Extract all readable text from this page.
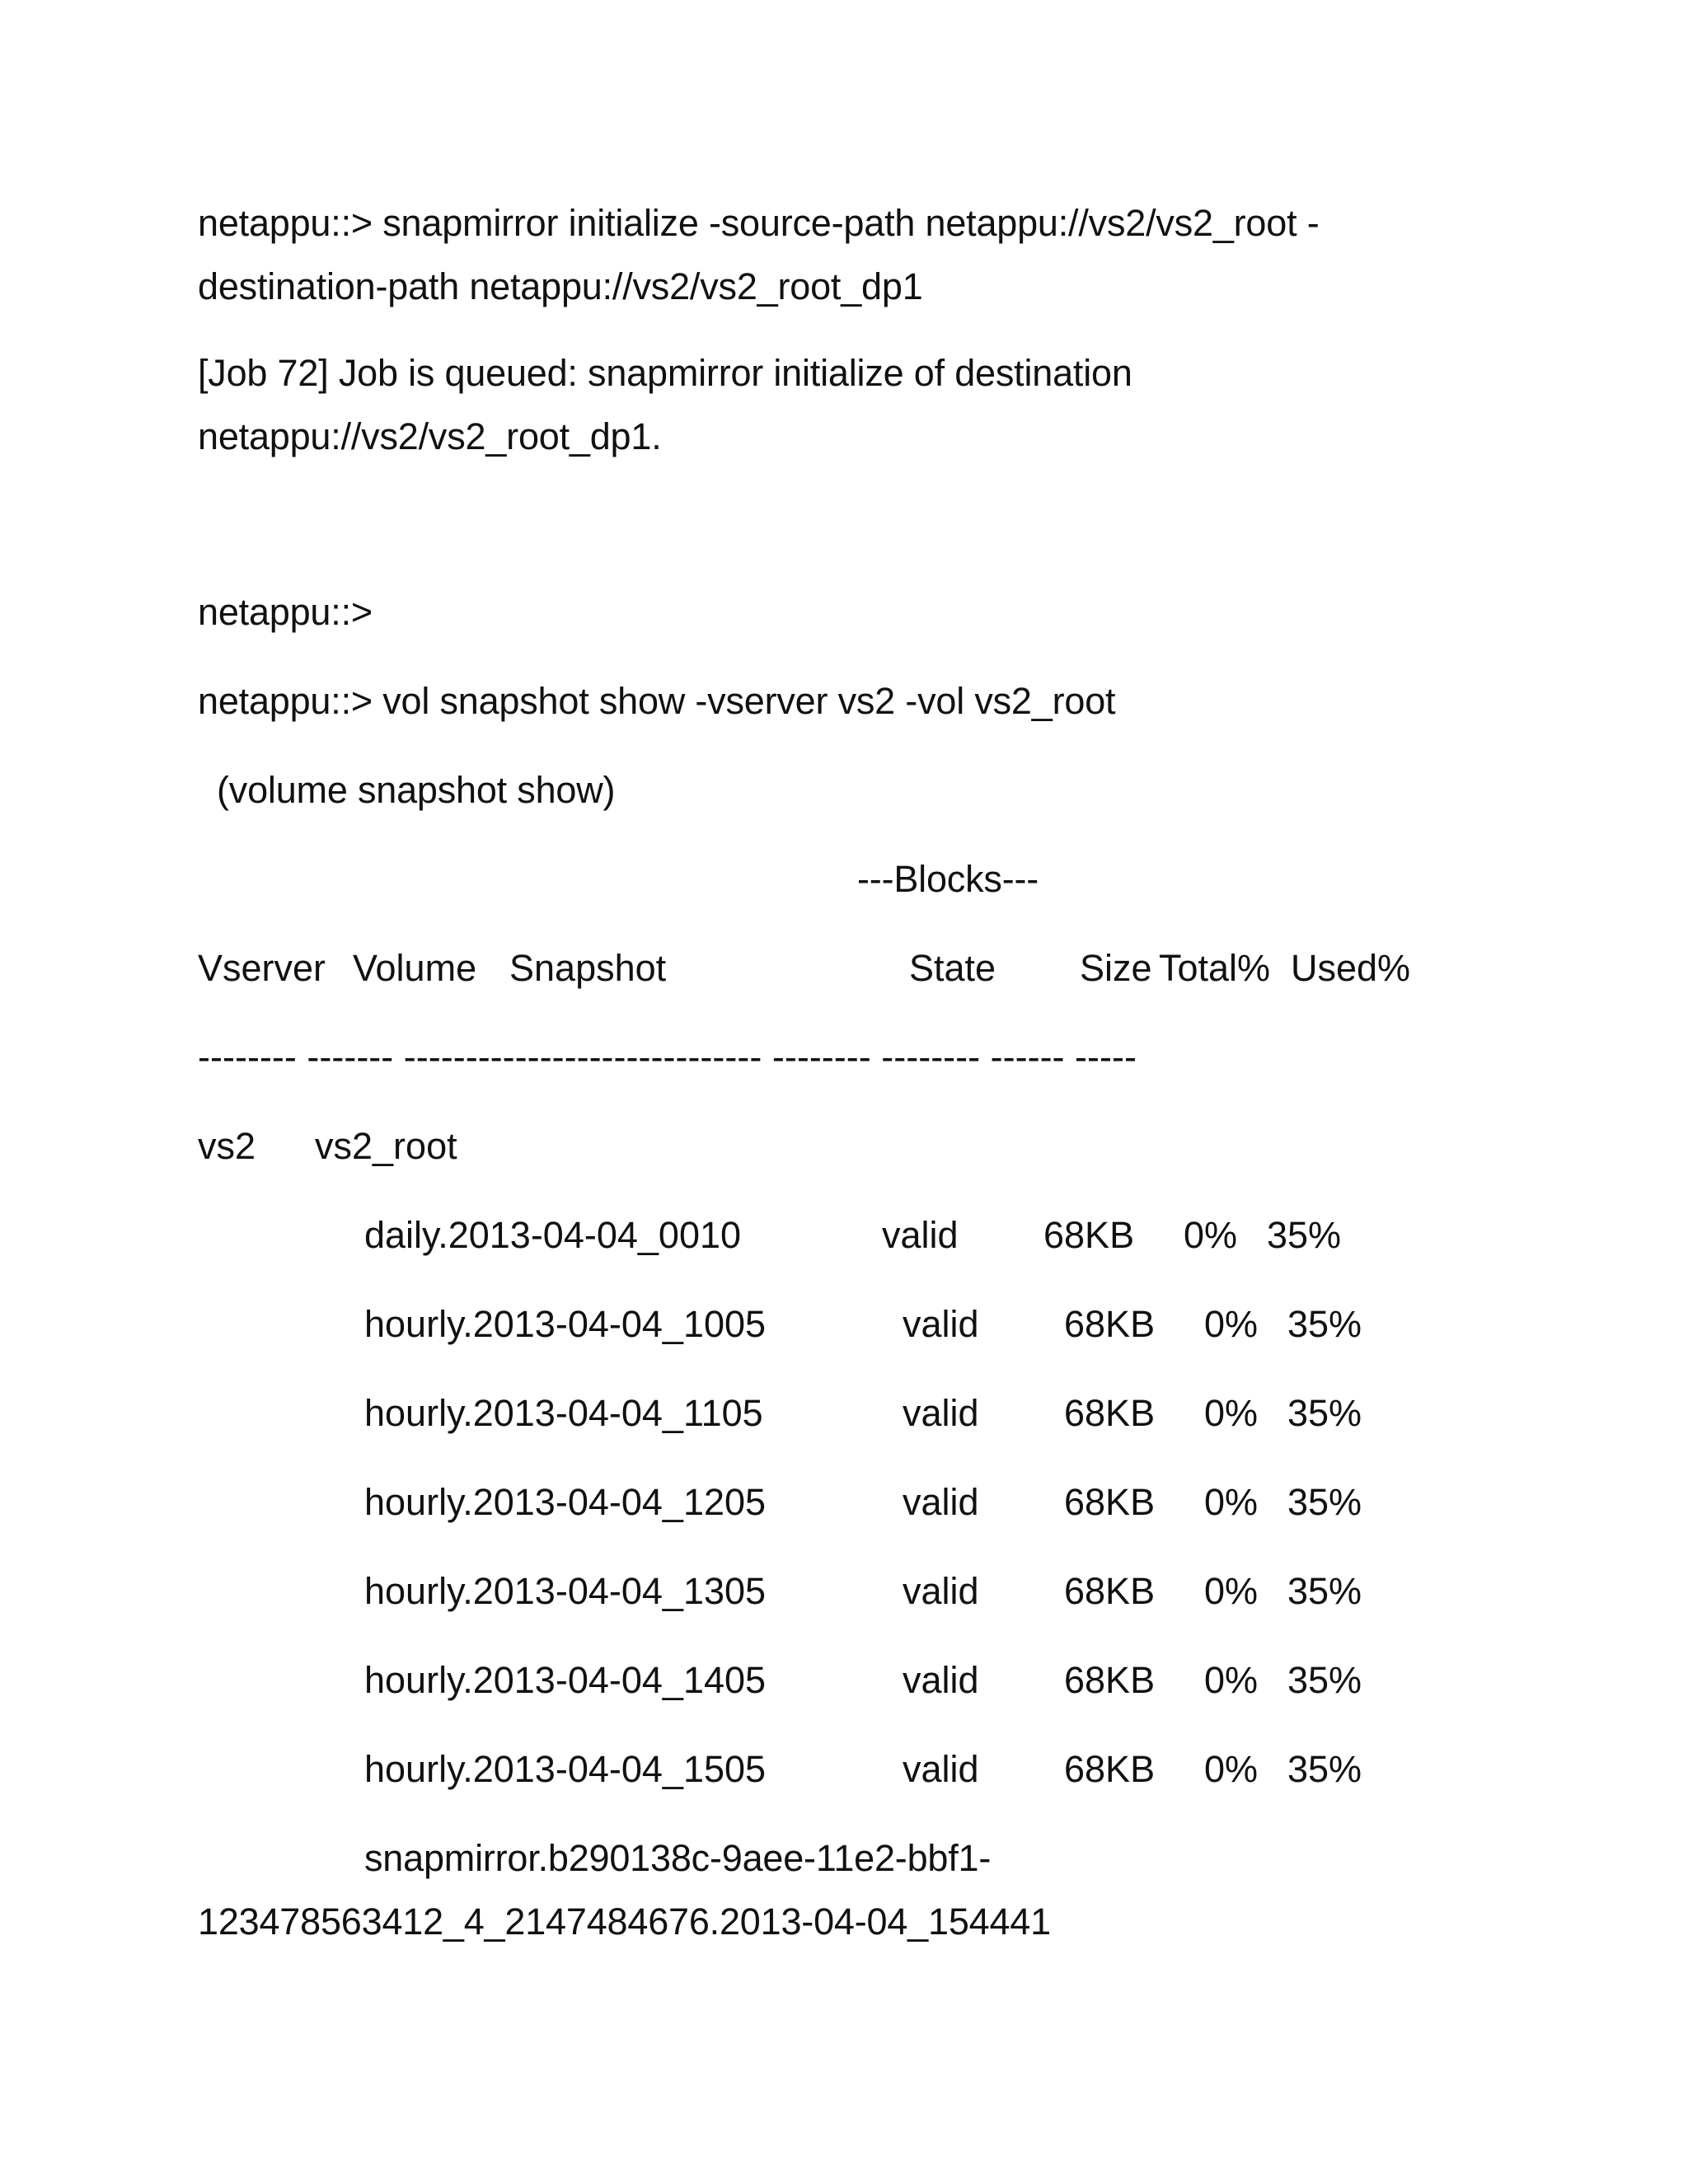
netappu::> snapmirror initialize -source-path netappu://vs2/vs2_root -
destination-path netappu://vs2/vs2_root_dp1
[Job 72] Job is queued: snapmirror initialize of destination
netappu://vs2/vs2_root_dp1.
netappu::>
netappu::> vol snapshot show -vserver vs2 -vol vs2_root
(volume snapshot show)
---Blocks---
Vserver Volume Snapshot	State Size Total% Used%
-------- ------- ----------------------------- -------- -------- ------ -----
vs2 vs2_root
daily.2013-04-04_0010	valid 68KB 0% 35%
hourly.2013-04-04_1005	valid 68KB 0% 35%
hourly.2013-04-04_1105	valid 68KB 0% 35%
hourly.2013-04-04_1205	valid 68KB 0% 35%
hourly.2013-04-04_1305	valid 68KB 0% 35%
hourly.2013-04-04_1405	valid 68KB 0% 35%
hourly.2013-04-04_1505	valid 68KB 0% 35%
snapmirror.b290138c-9aee-11e2-bbf1-
123478563412_4_2147484676.2013-04-04_154441
